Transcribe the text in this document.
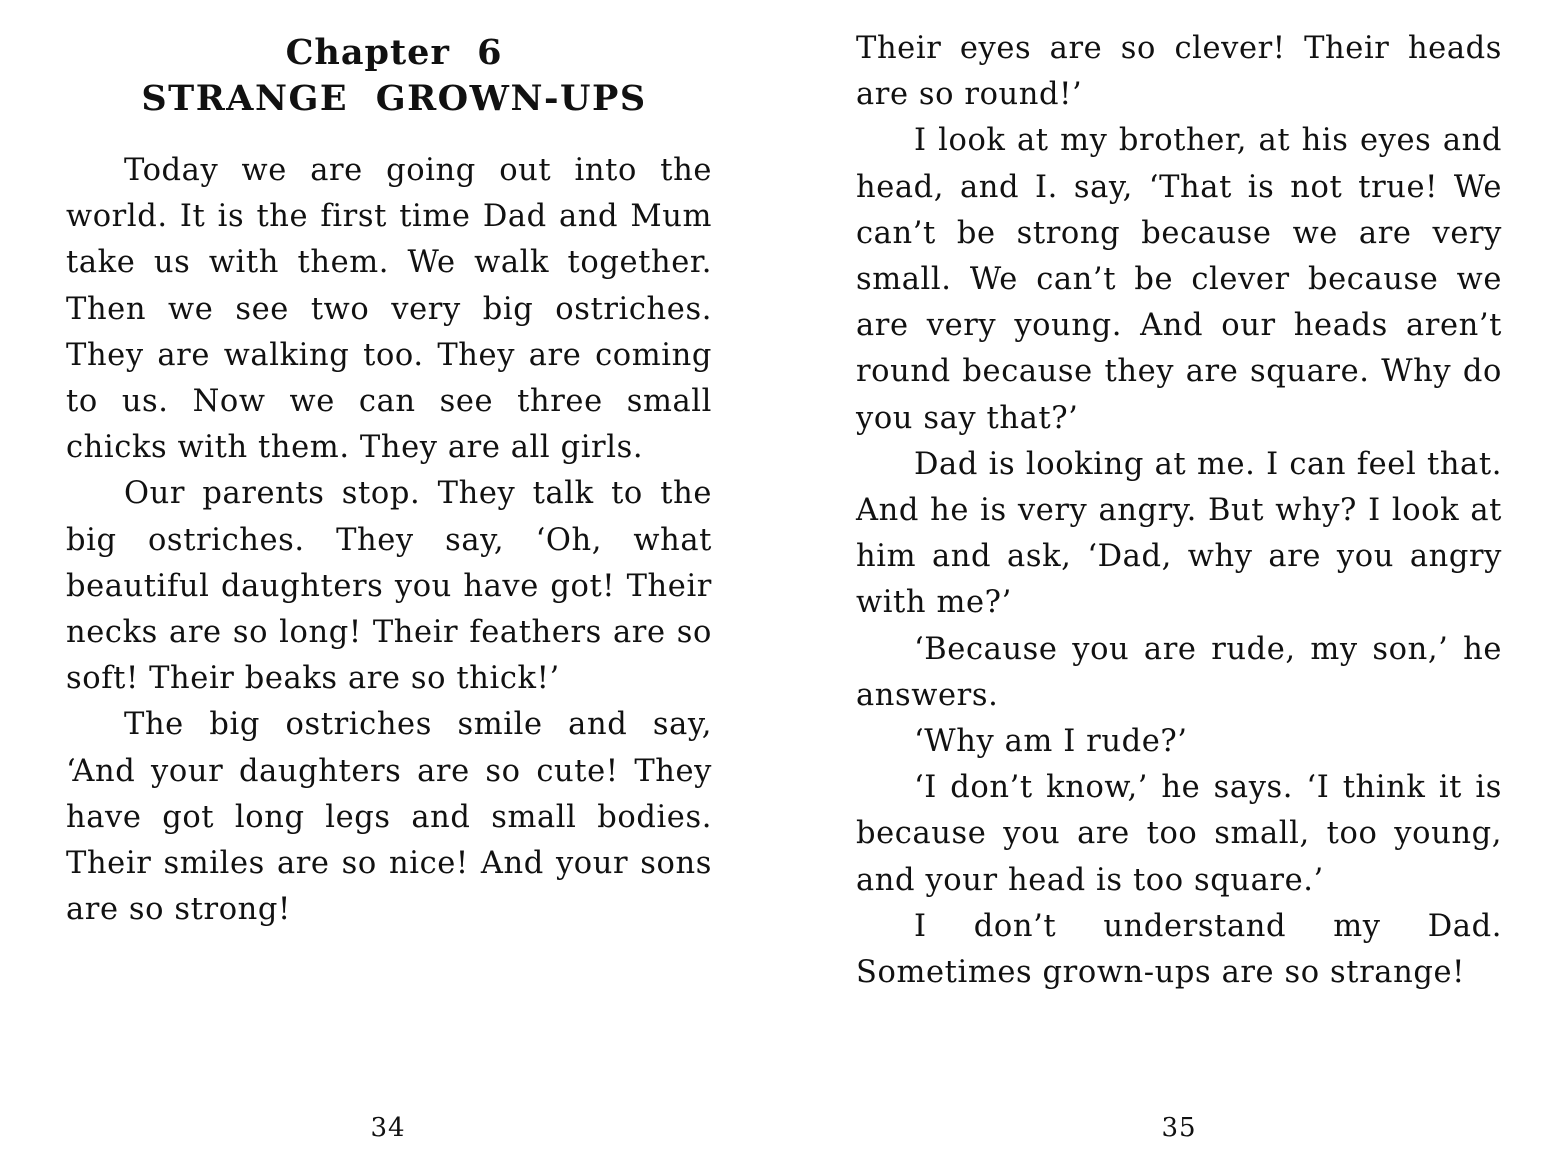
Chapter 6
STRANGE GROWN-UPS

Today we are going out into the world. It is the first time Dad and Mum take us with them. We walk together. Then we see two very big ostriches. They are walking too. They are coming to us. Now we can see three small chicks with them. They are all girls.

Our parents stop. They talk to the big ostriches. They say, ‘Oh, what beautiful daughters you have got! Their necks are so long! Their feathers are so soft! Their beaks are so thick!’

The big ostriches smile and say, ‘And your daughters are so cute! They have got long legs and small bodies. Their smiles are so nice! And your sons are so strong!

34

Their eyes are so clever! Their heads are so round!’

I look at my brother, at his eyes and head, and I. say, ‘That is not true! We can’t be strong because we are very small. We can’t be clever because we are very young. And our heads aren’t round because they are square. Why do you say that?’

Dad is looking at me. I can feel that. And he is very angry. But why? I look at him and ask, ‘Dad, why are you angry with me?’

‘Because you are rude, my son,’ he answers.

‘Why am I rude?’

‘I don’t know,’ he says. ‘I think it is because you are too small, too young, and your head is too square.’

I don’t understand my Dad. Sometimes grown-ups are so strange!

35
